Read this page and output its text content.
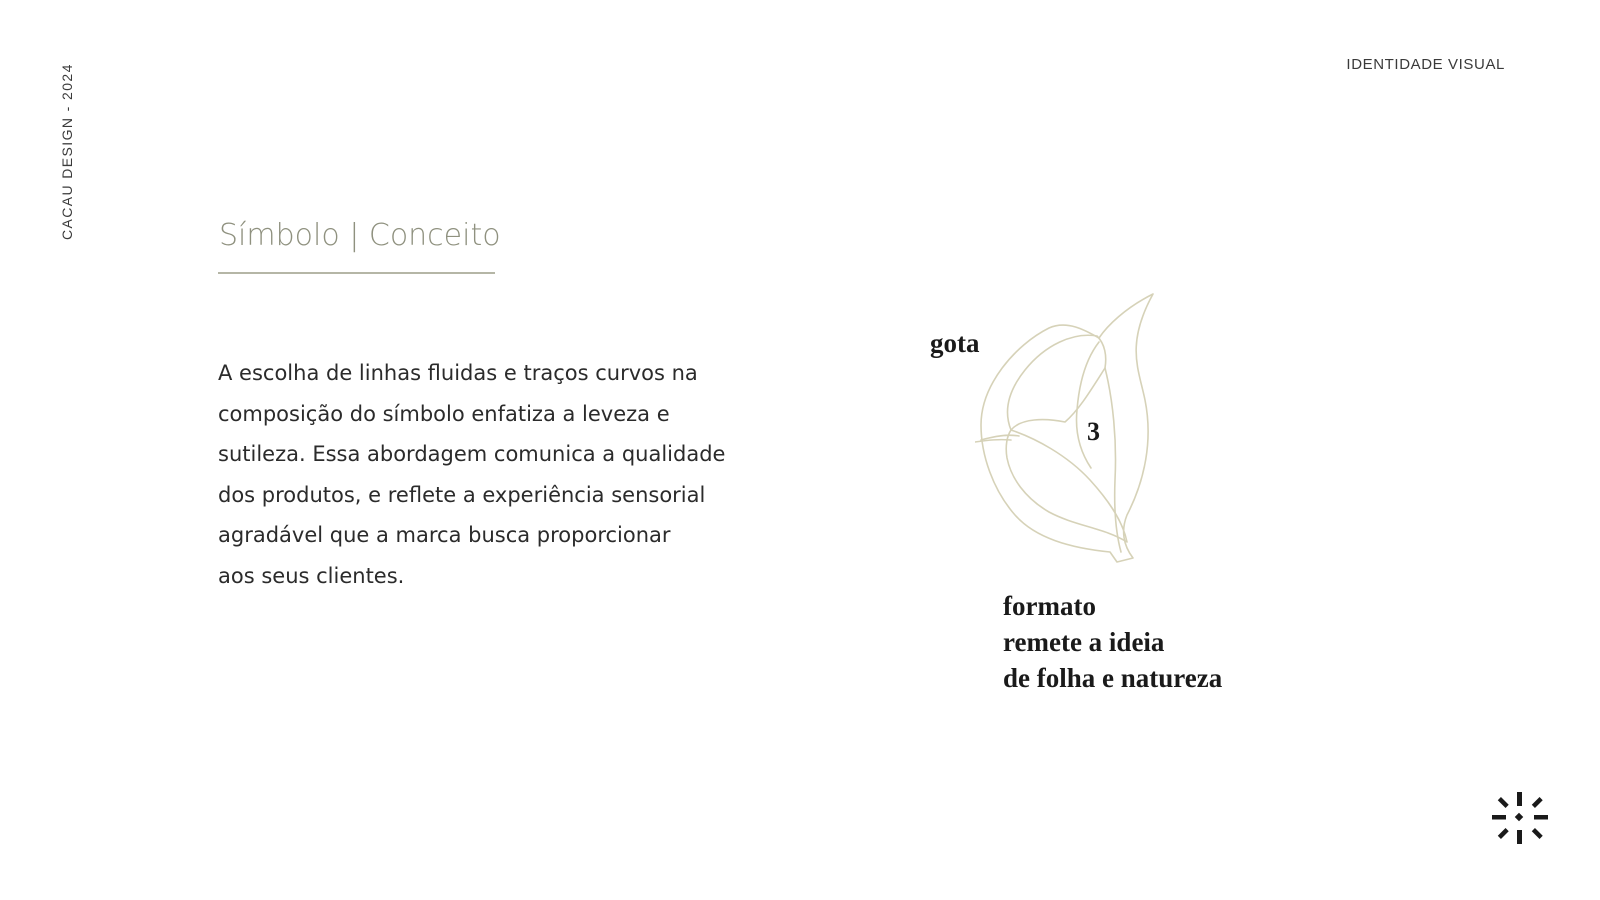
CACAU DESIGN - 2024	IDENTIDADE VISUAL
Símbolo | Conceito
A escolha de linhas fluidas e traços curvos na
composição do símbolo enfatiza a leveza e
sutileza. Essa abordagem comunica a qualidade
dos produtos, e reflete a experiência sensorial
agradável que a marca busca proporcionar
aos seus clientes.
gota
3
formato
remete a ideia
de folha e natureza
